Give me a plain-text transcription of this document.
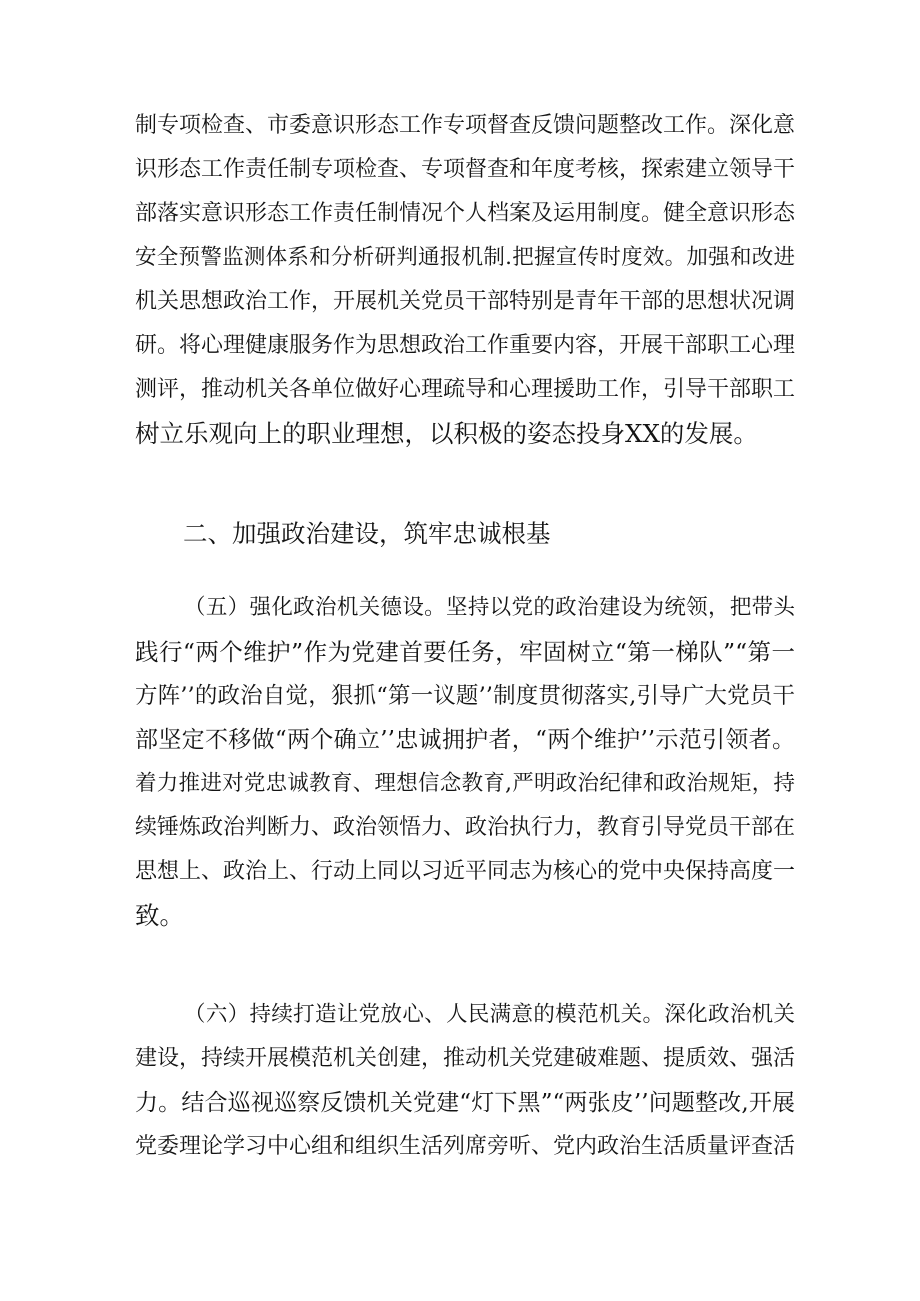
制专项检查、市委意识形态工作专项督查反馈问题整改工作。深化意
识形态工作责任制专项检查、专项督查和年度考核，探索建立领导干
部落实意识形态工作责任制情况个人档案及运用制度。健全意识形态
安全预警监测体系和分析研判通报机制.把握宣传时度效。加强和改进
机关思想政治工作，开展机关党员干部特别是青年干部的思想状况调
研。将心理健康服务作为思想政治工作重要内容，开展干部职工心理
测评，推动机关各单位做好心理疏导和心理援助工作，引导干部职工
树立乐观向上的职业理想，以积极的姿态投身XX的发展。
二、加强政治建设，筑牢忠诚根基
（五）强化政治机关德设。坚持以党的政治建设为统领，把带头
践行“两个维护”作为党建首要任务，牢固树立“第一梯队”“第一
方阵’’的政治自觉，狠抓“第一议题’’制度贯彻落实,引导广大党员干
部坚定不移做“两个确立’’忠诚拥护者，“两个维护’’示范引领者。
着力推进对党忠诚教育、理想信念教育,严明政治纪律和政治规矩，持
续锤炼政治判断力、政治领悟力、政治执行力，教育引导党员干部在
思想上、政治上、行动上同以习近平同志为核心的党中央保持高度一
致。
（六）持续打造让党放心、人民满意的模范机关。深化政治机关
建设，持续开展模范机关创建，推动机关党建破难题、提质效、强活
力。结合巡视巡察反馈机关党建“灯下黑”“两张皮’’问题整改,开展
党委理论学习中心组和组织生活列席旁听、党内政治生活质量评查活
